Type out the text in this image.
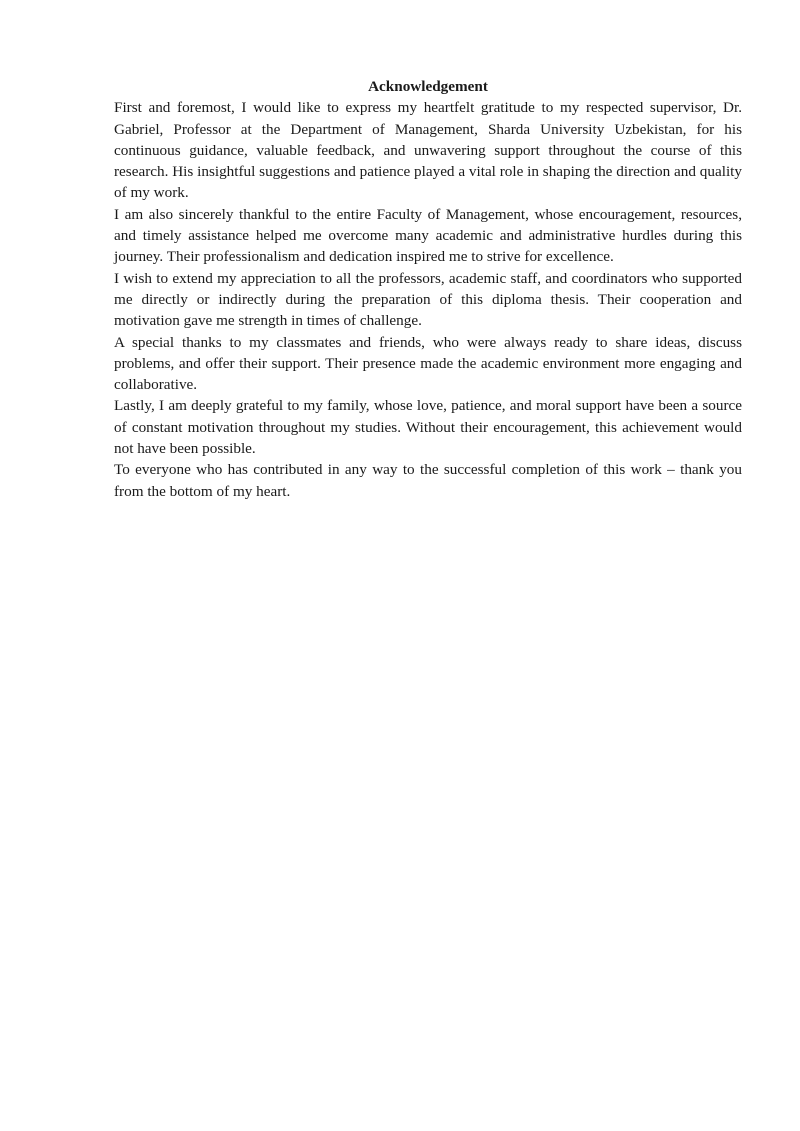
Acknowledgement

First and foremost, I would like to express my heartfelt gratitude to my respected supervisor, Dr. Gabriel, Professor at the Department of Management, Sharda University Uzbekistan, for his continuous guidance, valuable feedback, and unwavering support throughout the course of this research. His insightful suggestions and patience played a vital role in shaping the direction and quality of my work.

I am also sincerely thankful to the entire Faculty of Management, whose encouragement, resources, and timely assistance helped me overcome many academic and administrative hurdles during this journey. Their professionalism and dedication inspired me to strive for excellence.

I wish to extend my appreciation to all the professors, academic staff, and coordinators who supported me directly or indirectly during the preparation of this diploma thesis. Their cooperation and motivation gave me strength in times of challenge.

A special thanks to my classmates and friends, who were always ready to share ideas, discuss problems, and offer their support. Their presence made the academic environment more engaging and collaborative.

Lastly, I am deeply grateful to my family, whose love, patience, and moral support have been a source of constant motivation throughout my studies. Without their encouragement, this achievement would not have been possible.

To everyone who has contributed in any way to the successful completion of this work – thank you from the bottom of my heart.
